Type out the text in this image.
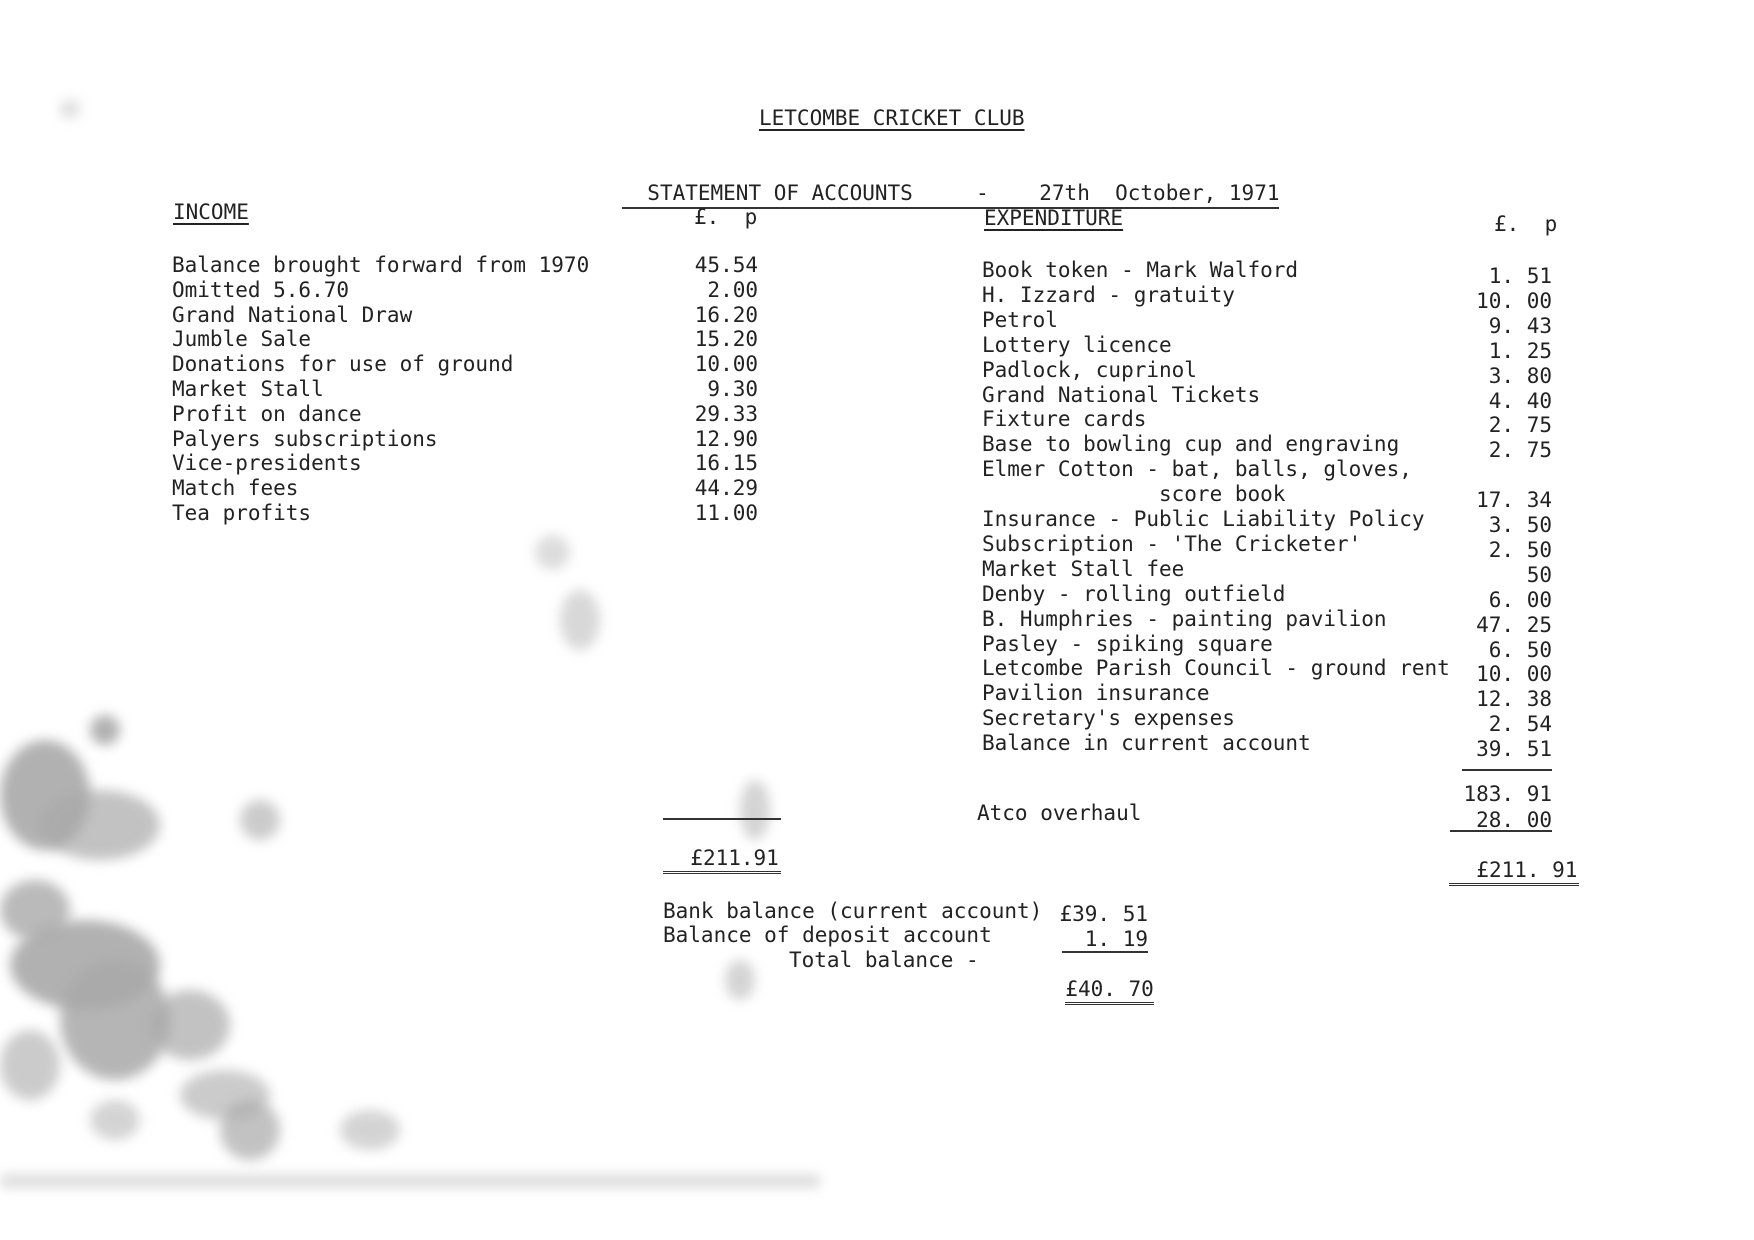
LETCOMBE CRICKET CLUB

STATEMENT OF ACCOUNTS	- 27th  October, 1971

INCOME	£.  p
Balance brought forward from 1970	45.54
Omitted 5.6.70	2.00
Grand National Draw	16.20
Jumble Sale	15.20
Donations for use of ground	10.00
Market Stall	9.30
Profit on dance	29.33
Palyers subscriptions	12.90
Vice-presidents	16.15
Match fees	44.29
Tea profits	11.00

£211.91

EXPENDITURE	£.  p
Book token - Mark Walford	1. 51
H. Izzard - gratuity	10. 00
Petrol	9. 43
Lottery licence	1. 25
Padlock, cuprinol	3. 80
Grand National Tickets	4. 40
Fixture cards	2. 75
Base to bowling cup and engraving	2. 75
Elmer Cotton - bat, balls, gloves,
score book	17. 34
Insurance - Public Liability Policy	3. 50
Subscription - 'The Cricketer'	2. 50
Market Stall fee	50
Denby - rolling outfield	6. 00
B. Humphries - painting pavilion	47. 25
Pasley - spiking square	6. 50
Letcombe Parish Council - ground rent	10. 00
Pavilion insurance	12. 38
Secretary's expenses	2. 54
Balance in current account	39. 51
183. 91
Atco overhaul	28. 00

£211. 91

Bank balance (current account) £39. 51
Balance of deposit account	1. 19
Total balance -

£40. 70
